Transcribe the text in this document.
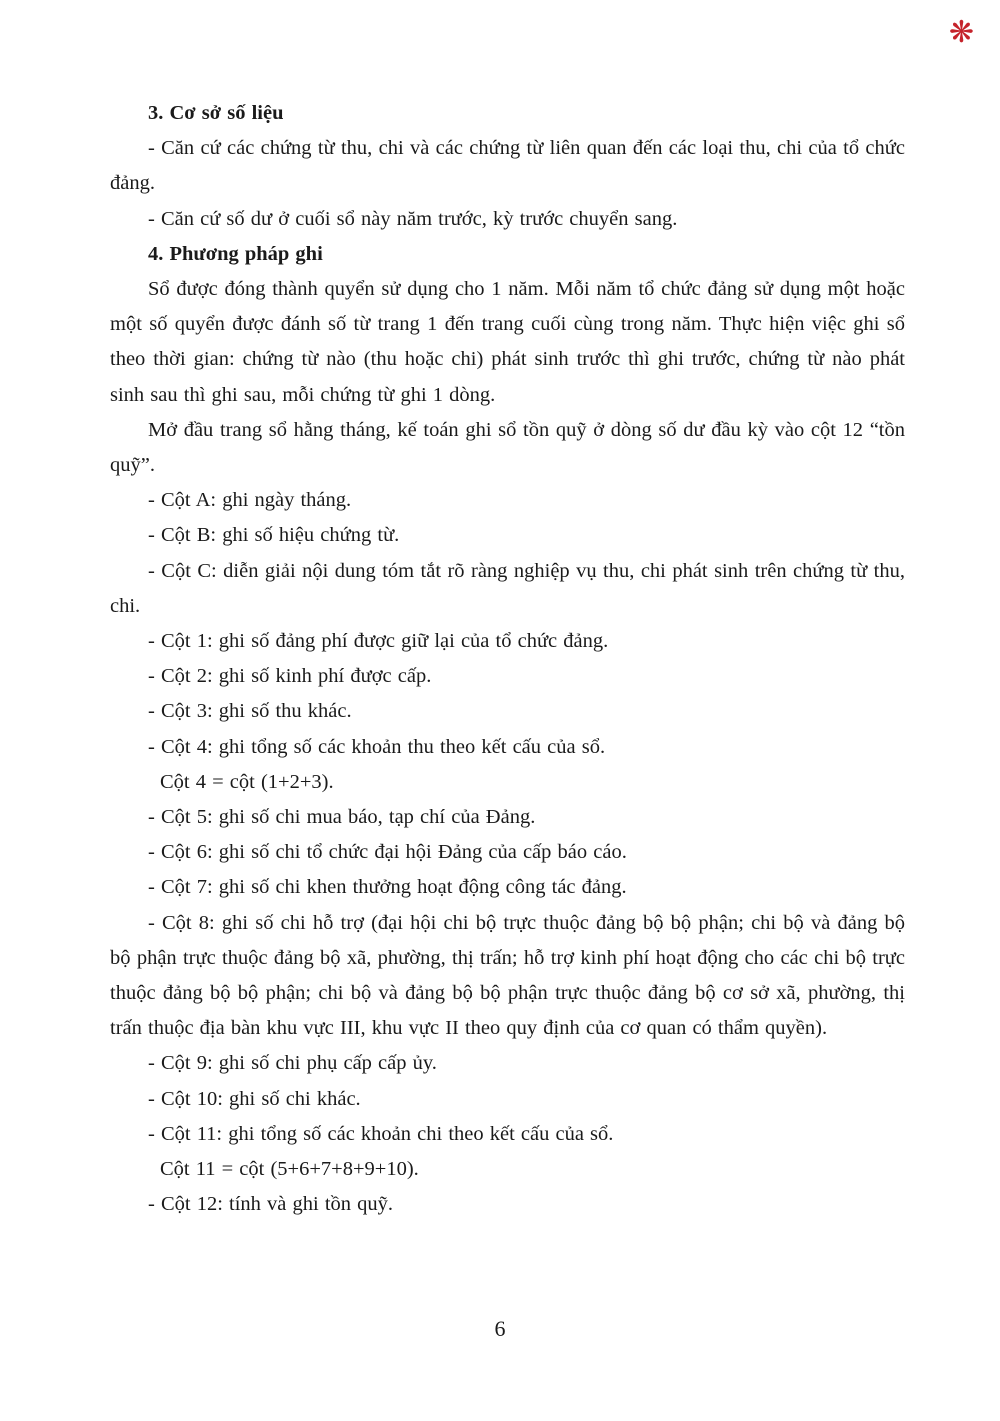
❋

3. Cơ sở số liệu

- Căn cứ các chứng từ thu, chi và các chứng từ liên quan đến các loại thu, chi của tổ chức đảng.

- Căn cứ số dư ở cuối sổ này năm trước, kỳ trước chuyển sang.

4. Phương pháp ghi

Sổ được đóng thành quyển sử dụng cho 1 năm. Mỗi năm tổ chức đảng sử dụng một hoặc một số quyển được đánh số từ trang 1 đến trang cuối cùng trong năm. Thực hiện việc ghi sổ theo thời gian: chứng từ nào (thu hoặc chi) phát sinh trước thì ghi trước, chứng từ nào phát sinh sau thì ghi sau, mỗi chứng từ ghi 1 dòng.

Mở đầu trang sổ hằng tháng, kế toán ghi sổ tồn quỹ ở dòng số dư đầu kỳ vào cột 12 “tồn quỹ”.

- Cột A: ghi ngày tháng.

- Cột B: ghi số hiệu chứng từ.

- Cột C: diễn giải nội dung tóm tắt rõ ràng nghiệp vụ thu, chi phát sinh trên chứng từ thu, chi.

- Cột 1: ghi số đảng phí được giữ lại của tổ chức đảng.

- Cột 2: ghi số kinh phí được cấp.

- Cột 3: ghi số thu khác.

- Cột 4: ghi tổng số các khoản thu theo kết cấu của sổ.

Cột 4 = cột (1+2+3).

- Cột 5: ghi số chi mua báo, tạp chí của Đảng.

- Cột 6: ghi số chi tổ chức đại hội Đảng của cấp báo cáo.

- Cột 7: ghi số chi khen thưởng hoạt động công tác đảng.

- Cột 8: ghi số chi hỗ trợ (đại hội chi bộ trực thuộc đảng bộ bộ phận; chi bộ và đảng bộ bộ phận trực thuộc đảng bộ xã, phường, thị trấn; hỗ trợ kinh phí hoạt động cho các chi bộ trực thuộc đảng bộ bộ phận; chi bộ và đảng bộ bộ phận trực thuộc đảng bộ cơ sở xã, phường, thị trấn thuộc địa bàn khu vực III, khu vực II theo quy định của cơ quan có thẩm quyền).

- Cột 9: ghi số chi phụ cấp cấp ủy.

- Cột 10: ghi số chi khác.

- Cột 11: ghi tổng số các khoản chi theo kết cấu của sổ.

Cột 11 = cột (5+6+7+8+9+10).

- Cột 12: tính và ghi tồn quỹ.

6
